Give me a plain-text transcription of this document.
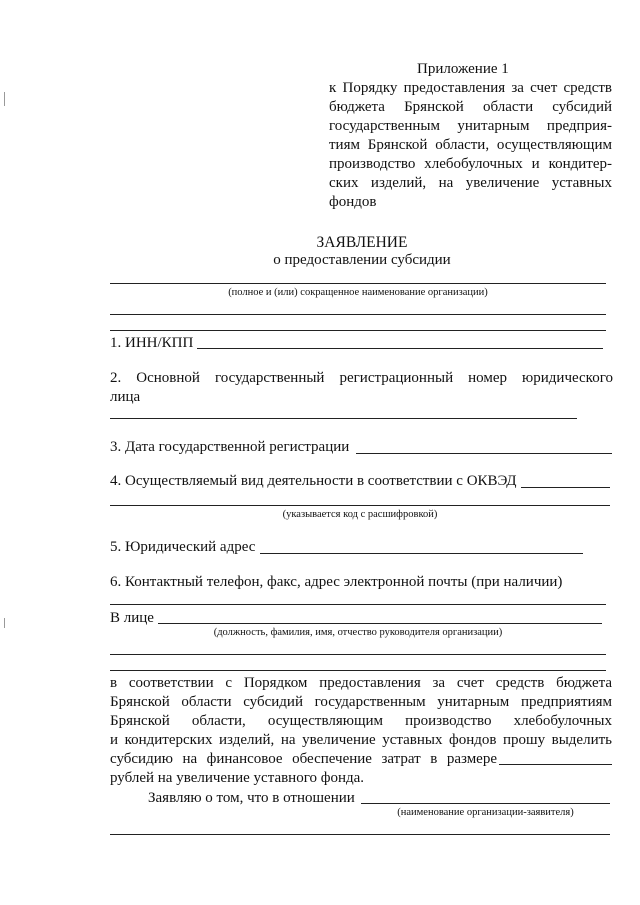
Приложение 1
к Порядку предоставления за счет средств
бюджета Брянской области субсидий
государственным унитарным предприя-
тиям Брянской области, осуществляющим
производство хлебобулочных и кондитер-
ских изделий, на увеличение уставных
фондов
ЗАЯВЛЕНИЕ
о предоставлении субсидии
(полное и (или) сокращенное наименование организации)
1. ИНН/КПП
2. Основной государственный регистрационный номер юридического
лица
3. Дата государственной регистрации
4. Осуществляемый вид деятельности в соответствии с ОКВЭД
(указывается код с расшифровкой)
5. Юридический адрес
6. Контактный телефон, факс, адрес электронной почты (при наличии)
В лице
(должность, фамилия, имя, отчество руководителя организации)
в соответствии с Порядком предоставления за счет средств бюджета
Брянской области субсидий государственным унитарным предприятиям
Брянской области, осуществляющим производство хлебобулочных
и кондитерских изделий, на увеличение уставных фондов прошу выделить
субсидию на финансовое обеспечение затрат в размере
рублей на увеличение уставного фонда.
Заявляю о том, что в отношении
(наименование организации-заявителя)
